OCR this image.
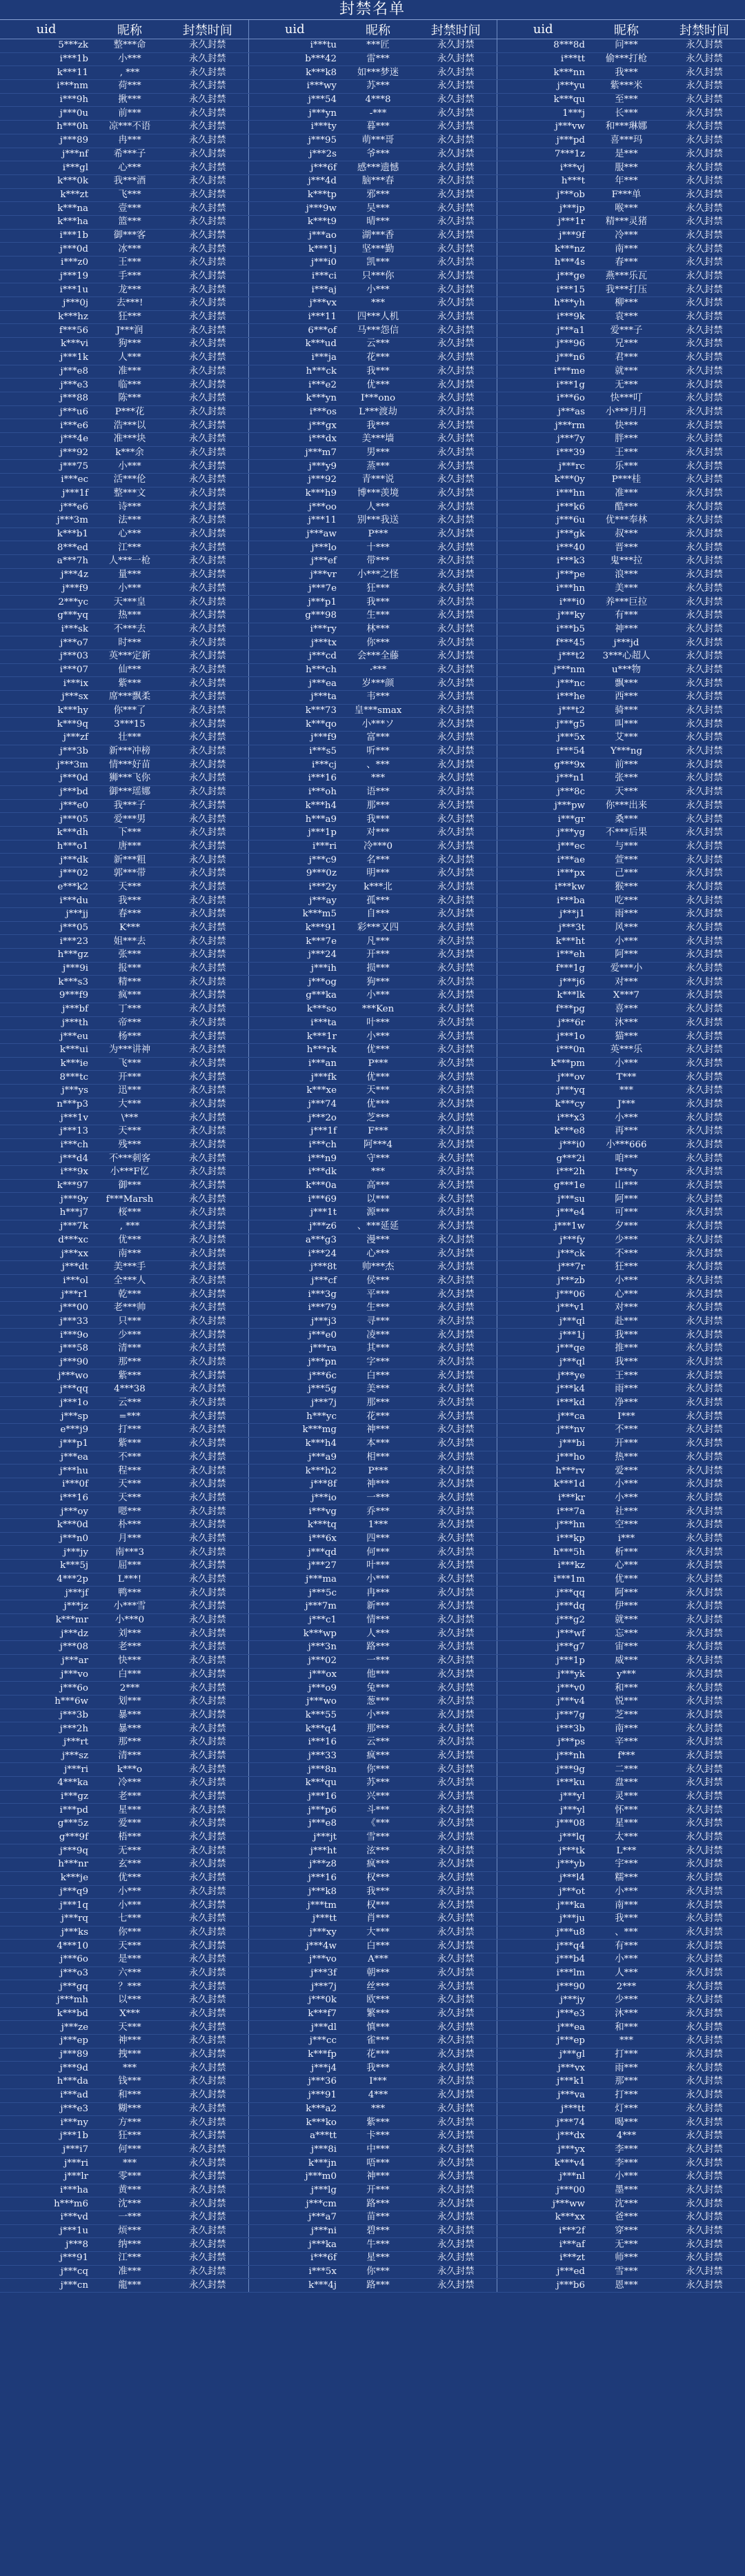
封禁名单
uid	昵称	封禁时间	uid	昵称	封禁时间	uid	昵称	封禁时间
5***zk	整***命	永久封禁	i***tu	***匠	永久封禁	8***8d	问***	永久封禁
i***1b	小***	永久封禁	b***42	雷***	永久封禁	i***tt	偷***打枪	永久封禁
k***11	, ***	永久封禁	k***k8	如***梦迷	永久封禁	k***nn	我***	永久封禁
i***nm	荷***	永久封禁	i***wy	苏***	永久封禁	j***yu	紫***米	永久封禁
i***9h	揪***	永久封禁	j***54	4***8	永久封禁	k***qu	至***	永久封禁
j***0u	前***	永久封禁	j***yn	-***	永久封禁	1***j	长***	永久封禁
h***0h	凉***不语	永久封禁	i***ty	暮***	永久封禁	j***vw	和***琳娜	永久封禁
j***89	冉***	永久封禁	j***95	萌***哥	永久封禁	j***pd	喜***玛	永久封禁
j***nf	希***子	永久封禁	j***2s	爷***	永久封禁	7***1z	是***	永久封禁
i***gl	心***	永久封禁	j***6f	感***遗憾	永久封禁	i***vj	服***	永久封禁
k***0k	我***酒	永久封禁	j***4d	脑***春	永久封禁	h***t	年***	永久封禁
k***zt	飞***	永久封禁	k***tp	邪***	永久封禁	j***ob	F***单	永久封禁
k***na	壹***	永久封禁	j***9w	吴***	永久封禁	j***jp	喉***	永久封禁
k***ha	篮***	永久封禁	k***t9	晴***	永久封禁	j***1r	精***灵猪	永久封禁
i***1b	御***客	永久封禁	j***ao	湖***香	永久封禁	j***9f	冷***	永久封禁
j***0d	冰***	永久封禁	k***1j	坚***勤	永久封禁	k***nz	南***	永久封禁
i***z0	王***	永久封禁	j***i0	凯***	永久封禁	h***4s	春***	永久封禁
j***19	手***	永久封禁	i***ci	只***你	永久封禁	j***ge	燕***乐瓦	永久封禁
i***1u	龙***	永久封禁	i***aj	小***	永久封禁	i***15	我***打压	永久封禁
j***0j	去***!	永久封禁	j***vx	***	永久封禁	h***yh	柳***	永久封禁
k***hz	狂***	永久封禁	i***11	四***人机	永久封禁	i***9k	袁***	永久封禁
f***56	J***润	永久封禁	6***of	马***怨信	永久封禁	j***a1	爱***子	永久封禁
k***vi	狗***	永久封禁	k***ud	云***	永久封禁	j***96	兄***	永久封禁
j***1k	人***	永久封禁	i***ja	花***	永久封禁	j***n6	君***	永久封禁
j***e8	准***	永久封禁	h***ck	我***	永久封禁	i***me	就***	永久封禁
j***e3	临***	永久封禁	i***e2	优***	永久封禁	i***1g	无***	永久封禁
j***88	陈***	永久封禁	k***yn	I***ono	永久封禁	i***6o	快***叮	永久封禁
j***u6	P***花	永久封禁	i***os	L***渡劫	永久封禁	j***as	小***月月	永久封禁
i***e6	浩***以	永久封禁	j***gx	我***	永久封禁	j***rm	快***	永久封禁
j***4e	准***块	永久封禁	i***dx	美***墙	永久封禁	j***7y	胖***	永久封禁
j***92	k***余	永久封禁	j***m7	男***	永久封禁	i***39	王***	永久封禁
j***75	小***	永久封禁	j***y9	蒸***	永久封禁	j***rc	乐***	永久封禁
i***ec	活***伦	永久封禁	j***92	青***说	永久封禁	k***0y	P***桂	永久封禁
j***1f	整***文	永久封禁	k***h9	博***羡境	永久封禁	i***hn	准***	永久封禁
j***e6	诗***	永久封禁	j***oo	人***	永久封禁	j***k6	酷***	永久封禁
j***3m	法***	永久封禁	j***11	别***我送	永久封禁	j***6u	优***奉林	永久封禁
k***b1	心***	永久封禁	j***aw	P***	永久封禁	j***gk	叔***	永久封禁
8***ed	江***	永久封禁	j***lo	十***	永久封禁	i***40	晋***	永久封禁
a***7h	人***一枪	永久封禁	j***ef	带***	永久封禁	i***k3	鬼***拉	永久封禁
j***4z	量***	永久封禁	j***vr	小***之怪	永久封禁	j***pe	浪***	永久封禁
j***f9	小***	永久封禁	j***7e	狂***	永久封禁	i***hn	美***	永久封禁
2***yc	天***皇	永久封禁	j***p1	我***	永久封禁	i***i0	养***巨拉	永久封禁
g***yq	热***	永久封禁	g***98	生***	永久封禁	j***ky	有***	永久封禁
i***sk	不***去	永久封禁	i***ry	林***	永久封禁	i***b5	神***	永久封禁
j***o7	时***	永久封禁	j***tx	你***	永久封禁	f***45	j***jd	永久封禁
j***03	英***定新	永久封禁	j***cd	会***全藤	永久封禁	j***t2	3***心超人	永久封禁
i***07	仙***	永久封禁	h***ch	·***	永久封禁	j***nm	u***物	永久封禁
i***ix	紫***	永久封禁	j***ea	岁***颜	永久封禁	j***nc	飘***	永久封禁
j***sx	席***飘柔	永久封禁	j***ta	韦***	永久封禁	i***he	西***	永久封禁
k***hy	你***了	永久封禁	k***73	皇***smax	永久封禁	j***t2	骑***	永久封禁
k***9q	3***15	永久封禁	k***qo	小***ソ	永久封禁	j***g5	叫***	永久封禁
j***zf	壮***	永久封禁	j***f9	富***	永久封禁	j***5x	艾***	永久封禁
j***3b	新***冲榜	永久封禁	i***s5	听***	永久封禁	i***54	Y***ng	永久封禁
j***3m	情***好苗	永久封禁	i***cj	、***	永久封禁	g***9x	前***	永久封禁
j***0d	狮***飞你	永久封禁	i***16	***	永久封禁	j***n1	张***	永久封禁
j***bd	御***瑶娜	永久封禁	i***oh	语***	永久封禁	j***8c	天***	永久封禁
j***e0	我***子	永久封禁	k***h4	那***	永久封禁	j***pw	你***出来	永久封禁
j***05	爱***男	永久封禁	h***a9	我***	永久封禁	i***gr	桑***	永久封禁
k***dh	下***	永久封禁	j***1p	对***	永久封禁	j***yg	不***后果	永久封禁
h***o1	唐***	永久封禁	i***ri	冷***0	永久封禁	j***ec	与***	永久封禁
j***dk	新***粗	永久封禁	j***c9	名***	永久封禁	i***ae	萱***	永久封禁
j***02	郭***带	永久封禁	9***0z	明***	永久封禁	i***px	己***	永久封禁
e***k2	天***	永久封禁	i***2y	k***北	永久封禁	i***kw	猴***	永久封禁
i***du	我***	永久封禁	j***ay	孤***	永久封禁	i***ba	吃***	永久封禁
j***jj	春***	永久封禁	k***m5	自***	永久封禁	j***j1	雨***	永久封禁
j***05	K***	永久封禁	k***91	彩***又四	永久封禁	j***3t	风***	永久封禁
i***23	姐***去	永久封禁	k***7e	凡***	永久封禁	k***ht	小***	永久封禁
h***gz	张***	永久封禁	j***24	开***	永久封禁	i***eh	阿***	永久封禁
j***9i	报***	永久封禁	j***ih	损***	永久封禁	f***1g	爱***小	永久封禁
k***s3	精***	永久封禁	j***og	狗***	永久封禁	j***j6	对***	永久封禁
9***f9	疯***	永久封禁	g***ka	小***	永久封禁	k***lk	X***7	永久封禁
j***bf	丁***	永久封禁	k***so	***Ken	永久封禁	f***pg	喜***	永久封禁
j***th	帝***	永久封禁	i***ta	叶***	永久封禁	j***6r	沐***	永久封禁
j***eu	杨***	永久封禁	k***1r	小***	永久封禁	j***1o	猫***	永久封禁
k***ui	为***讲神	永久封禁	h***rk	优***	永久封禁	i***0n	英***乐	永久封禁
k***ie	飞***	永久封禁	i***an	P***	永久封禁	k***pm	小***	永久封禁
8***tc	开***	永久封禁	j***fk	优***	永久封禁	j***ov	T***	永久封禁
j***ys	迅***	永久封禁	k***xe	天***	永久封禁	j***yq	***	永久封禁
n***p3	大***	永久封禁	j***74	优***	永久封禁	k***cy	J***	永久封禁
j***1v	\***	永久封禁	j***2o	芝***	永久封禁	i***x3	小***	永久封禁
j***13	天***	永久封禁	j***1f	F***	永久封禁	k***e8	再***	永久封禁
i***ch	残***	永久封禁	i***ch	阿***4	永久封禁	j***i0	小***666	永久封禁
j***d4	不***刺客	永久封禁	i***n9	守***	永久封禁	g***2i	咱***	永久封禁
i***9x	小***F忆	永久封禁	i***dk	***	永久封禁	i***2h	I***y	永久封禁
k***97	御***	永久封禁	k***0a	高***	永久封禁	g***1e	山***	永久封禁
j***9y	f***Marsh	永久封禁	i***69	以***	永久封禁	j***su	阿***	永久封禁
h***j7	桜***	永久封禁	j***1t	源***	永久封禁	j***e4	可***	永久封禁
j***7k	, ***	永久封禁	j***z6	、***延延	永久封禁	j***1w	夕***	永久封禁
d***xc	优***	永久封禁	a***g3	漫***	永久封禁	j***fy	少***	永久封禁
j***xx	南***	永久封禁	i***24	心***	永久封禁	j***ck	不***	永久封禁
j***dt	美***手	永久封禁	j***8t	帅***杰	永久封禁	j***7r	狂***	永久封禁
i***ol	全***人	永久封禁	j***cf	侯***	永久封禁	j***zb	小***	永久封禁
j***r1	乾***	永久封禁	i***3g	平***	永久封禁	j***06	心***	永久封禁
j***00	老***帅	永久封禁	i***79	生***	永久封禁	j***v1	对***	永久封禁
j***33	只***	永久封禁	j***j3	寻***	永久封禁	j***ql	赴***	永久封禁
i***9o	少***	永久封禁	j***e0	凌***	永久封禁	j***1j	我***	永久封禁
j***58	清***	永久封禁	j***ra	其***	永久封禁	j***qe	推***	永久封禁
j***90	那***	永久封禁	j***pn	字***	永久封禁	j***ql	我***	永久封禁
j***wo	紫***	永久封禁	j***6c	白***	永久封禁	j***ye	王***	永久封禁
j***qq	4***38	永久封禁	j***5g	美***	永久封禁	j***k4	雨***	永久封禁
j***1o	云***	永久封禁	j***7j	那***	永久封禁	i***kd	净***	永久封禁
j***sp	=***	永久封禁	h***yc	花***	永久封禁	j***ca	I***	永久封禁
e***j9	打***	永久封禁	k***mg	神***	永久封禁	j***nv	不***	永久封禁
j***p1	紫***	永久封禁	k***h4	本***	永久封禁	j***bi	开***	永久封禁
j***ea	不***	永久封禁	j***a9	相***	永久封禁	j***ho	热***	永久封禁
j***hu	程***	永久封禁	k***h2	P***	永久封禁	h***rv	爱***	永久封禁
i***0f	天***	永久封禁	j***8f	神***	永久封禁	k***1d	小***	永久封禁
i***16	天***	永久封禁	j***io	一***	永久封禁	i***kr	小***	永久封禁
j***oy	嗯***	永久封禁	i***vg	乔***	永久封禁	i***7a	社***	永久封禁
k***0d	朴***	永久封禁	k***tq	1***	永久封禁	j***hn	空***	永久封禁
j***n0	月***	永久封禁	i***6x	四***	永久封禁	i***kp	i***	永久封禁
j***jy	南***3	永久封禁	j***qd	何***	永久封禁	h***5h	析***	永久封禁
k***5j	屈***	永久封禁	j***27	叶***	永久封禁	i***kz	心***	永久封禁
4***2p	L***!	永久封禁	j***ma	小***	永久封禁	i***1m	优***	永久封禁
j***jf	鸭***	永久封禁	j***5c	冉***	永久封禁	j***qq	阿***	永久封禁
j***jz	小***雪	永久封禁	j***7m	新***	永久封禁	j***dq	伊***	永久封禁
k***mr	小***0	永久封禁	j***c1	情***	永久封禁	j***g2	就***	永久封禁
j***dz	刘***	永久封禁	k***wp	人***	永久封禁	j***wf	忘***	永久封禁
j***08	老***	永久封禁	j***3n	路***	永久封禁	j***g7	宙***	永久封禁
j***ar	快***	永久封禁	j***02	一***	永久封禁	j***1p	威***	永久封禁
j***vo	白***	永久封禁	j***ox	他***	永久封禁	j***yk	y***	永久封禁
j***6o	2***	永久封禁	j***o9	兔***	永久封禁	j***v0	和***	永久封禁
h***6w	划***	永久封禁	j***wo	葱***	永久封禁	j***v4	悦***	永久封禁
j***3b	暴***	永久封禁	k***55	小***	永久封禁	j***7g	芝***	永久封禁
j***2h	暴***	永久封禁	k***q4	那***	永久封禁	i***3b	南***	永久封禁
j***rt	那***	永久封禁	i***16	云***	永久封禁	j***ps	辛***	永久封禁
j***sz	清***	永久封禁	j***33	疯***	永久封禁	j***nh	f***	永久封禁
j***ri	k***o	永久封禁	j***8n	你***	永久封禁	j***9g	二***	永久封禁
4***ka	冷***	永久封禁	k***qu	苏***	永久封禁	i***ku	盘***	永久封禁
i***gz	老***	永久封禁	j***16	兴***	永久封禁	j***yl	灵***	永久封禁
i***pd	星***	永久封禁	j***p6	斗***	永久封禁	j***yl	怀***	永久封禁
g***5z	爱***	永久封禁	j***e8	《***	永久封禁	j***08	星***	永久封禁
g***9f	梧***	永久封禁	j***jt	雪***	永久封禁	j***lq	太***	永久封禁
j***9q	无***	永久封禁	j***ht	泫***	永久封禁	j***tk	L***	永久封禁
h***nr	玄***	永久封禁	j***z8	疯***	永久封禁	j***yb	宇***	永久封禁
k***je	优***	永久封禁	j***16	权***	永久封禁	j***l4	糯***	永久封禁
j***q9	小***	永久封禁	j***k8	我***	永久封禁	j***ot	小***	永久封禁
j***1q	小***	永久封禁	j***tm	权***	永久封禁	j***ka	南***	永久封禁
j***rq	七***	永久封禁	j***tt	肖***	永久封禁	j***ju	我***	永久封禁
j***ks	你***	永久封禁	j***xy	大***	永久封禁	j***u8	、***	永久封禁
4***10	天***	永久封禁	j***4w	白***	永久封禁	j***q4	有***	永久封禁
j***6o	是***	永久封禁	j***vo	A***	永久封禁	j***b4	小***	永久封禁
j***o3	六***	永久封禁	j***3f	朝***	永久封禁	i***lm	人***	永久封禁
j***gq	？***	永久封禁	j***7j	丝***	永久封禁	j***90	2***	永久封禁
j***mh	以***	永久封禁	j***0k	欧***	永久封禁	j***jy	少***	永久封禁
k***bd	X***	永久封禁	k***f7	繁***	永久封禁	j***e3	沐***	永久封禁
j***ze	天***	永久封禁	j***dl	慎***	永久封禁	j***ea	和***	永久封禁
j***ep	神***	永久封禁	j***cc	雀***	永久封禁	j***ep	***	永久封禁
j***89	拽***	永久封禁	k***fp	花***	永久封禁	j***gl	打***	永久封禁
j***9d	***	永久封禁	j***j4	我***	永久封禁	j***vx	雨***	永久封禁
h***da	钱***	永久封禁	j***36	I***	永久封禁	j***k1	那***	永久封禁
i***ad	和***	永久封禁	j***91	4***	永久封禁	j***va	打***	永久封禁
j***e3	糊***	永久封禁	k***a2	***	永久封禁	j***tt	灯***	永久封禁
i***ny	方***	永久封禁	k***ko	紫***	永久封禁	j***74	喝***	永久封禁
j***1b	狂***	永久封禁	a***tt	卡***	永久封禁	j***dx	4***	永久封禁
j***i7	何***	永久封禁	j***8i	中***	永久封禁	j***yx	李***	永久封禁
j***ri	***	永久封禁	k***jn	唔***	永久封禁	k***v4	李***	永久封禁
j***lr	零***	永久封禁	j***m0	神***	永久封禁	j***nl	小***	永久封禁
i***ha	黄***	永久封禁	j***lg	开***	永久封禁	j***00	墨***	永久封禁
h***m6	沈***	永久封禁	j***cm	路***	永久封禁	j***ww	沈***	永久封禁
i***vd	一***	永久封禁	j***a7	苗***	永久封禁	k***xx	爸***	永久封禁
j***1u	烦***	永久封禁	j***ni	碧***	永久封禁	i***2f	穿***	永久封禁
j***8	纳***	永久封禁	j***ka	牛***	永久封禁	i***af	无***	永久封禁
j***91	江***	永久封禁	i***6f	星***	永久封禁	i***zt	师***	永久封禁
j***cq	准***	永久封禁	i***5x	你***	永久封禁	j***ed	雪***	永久封禁
j***cn	龍***	永久封禁	k***4j	路***	永久封禁	j***b6	恩***	永久封禁
